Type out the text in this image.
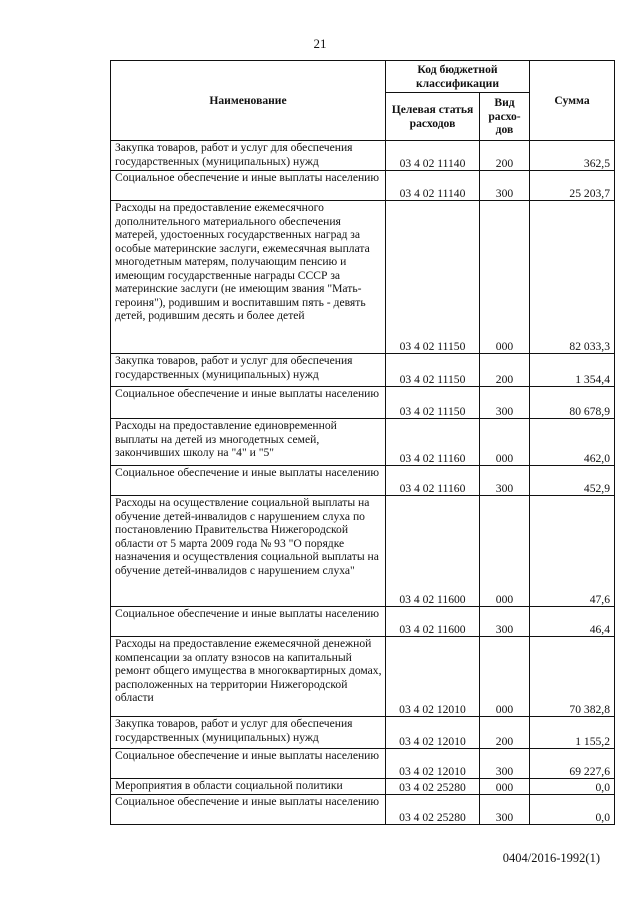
21
Наименование	Код бюджетной классификации		Сумма
	Целевая статья расходов	Вид расхо-дов	
Закупка товаров, работ и услуг для обеспечения государственных (муниципальных) нужд	03 4 02 11140	200	362,5
Социальное обеспечение и иные выплаты населению	03 4 02 11140	300	25 203,7
Расходы на предоставление ежемесячного дополнительного материального обеспечения матерей, удостоенных государственных наград за особые материнские заслуги, ежемесячная выплата многодетным матерям, получающим пенсию и имеющим государственные награды СССР за материнские заслуги (не имеющим звания "Мать-героиня"), родившим и воспитавшим пять - девять детей, родившим десять и более детей	03 4 02 11150	000	82 033,3
Закупка товаров, работ и услуг для обеспечения государственных (муниципальных) нужд	03 4 02 11150	200	1 354,4
Социальное обеспечение и иные выплаты населению	03 4 02 11150	300	80 678,9
Расходы на предоставление единовременной выплаты на детей из многодетных семей, закончивших школу на "4" и "5"	03 4 02 11160	000	462,0
Социальное обеспечение и иные выплаты населению	03 4 02 11160	300	452,9
Расходы на осуществление социальной выплаты на обучение детей-инвалидов с нарушением слуха по постановлению Правительства Нижегородской области от 5 марта 2009 года № 93 "О порядке назначения и осуществления социальной выплаты на обучение детей-инвалидов с нарушением слуха"	03 4 02 11600	000	47,6
Социальное обеспечение и иные выплаты населению	03 4 02 11600	300	46,4
Расходы на предоставление ежемесячной денежной компенсации за оплату взносов на капитальный ремонт общего имущества в многоквартирных домах, расположенных на территории Нижегородской области	03 4 02 12010	000	70 382,8
Закупка товаров, работ и услуг для обеспечения государственных (муниципальных) нужд	03 4 02 12010	200	1 155,2
Социальное обеспечение и иные выплаты населению	03 4 02 12010	300	69 227,6
Мероприятия в области социальной политики	03 4 02 25280	000	0,0
Социальное обеспечение и иные выплаты населению	03 4 02 25280	300	0,0
0404/2016-1992(1)
